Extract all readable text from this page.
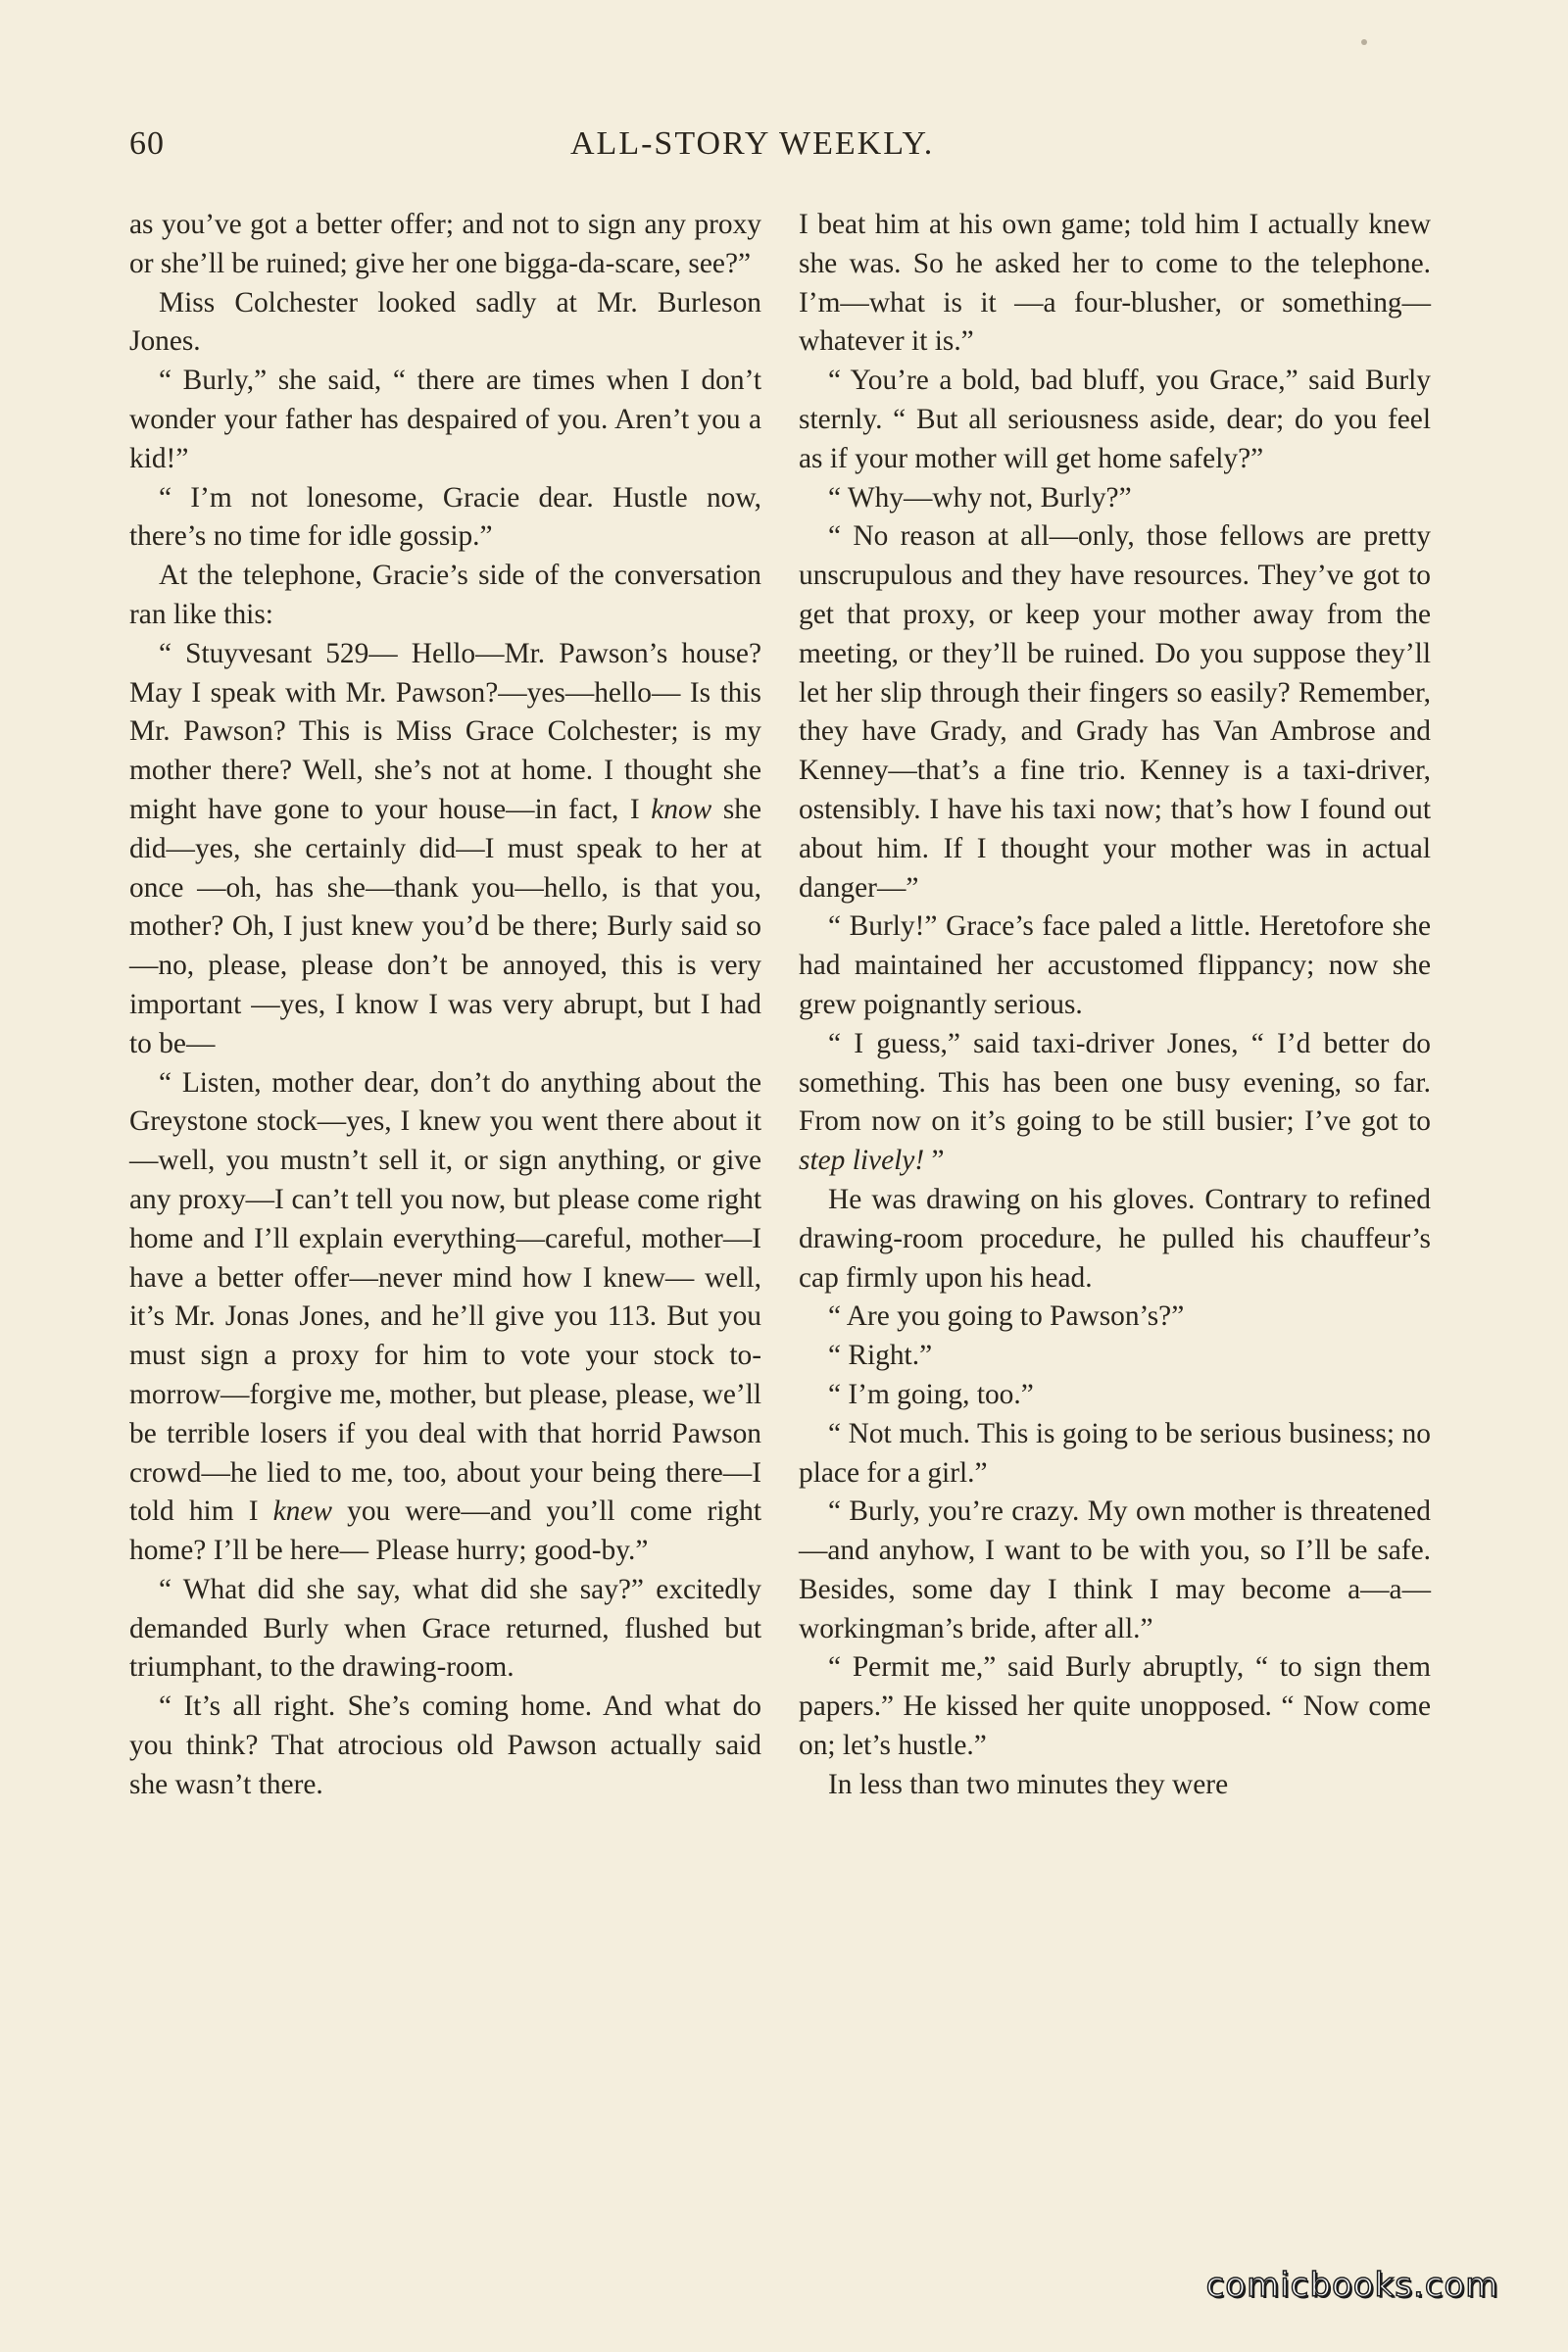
60	ALL-STORY WEEKLY.

as you’ve got a better offer; and not to sign any proxy or she’ll be ruined; give her one bigga-da-scare, see?”

Miss Colchester looked sadly at Mr. Burleson Jones.

“ Burly,” she said, “ there are times when I don’t wonder your father has despaired of you. Aren’t you a kid!”

“ I’m not lonesome, Gracie dear. Hustle now, there’s no time for idle gossip.”

At the telephone, Gracie’s side of the conversation ran like this:

“ Stuyvesant 529— Hello—Mr. Pawson’s house? May I speak with Mr. Pawson?—yes—hello— Is this Mr. Pawson? This is Miss Grace Colchester; is my mother there? Well, she’s not at home. I thought she might have gone to your house—in fact, I know she did—yes, she certainly did—I must speak to her at once —oh, has she—thank you—hello, is that you, mother? Oh, I just knew you’d be there; Burly said so—no, please, please don’t be annoyed, this is very important —yes, I know I was very abrupt, but I had to be—

“ Listen, mother dear, don’t do anything about the Greystone stock—yes, I knew you went there about it—well, you mustn’t sell it, or sign anything, or give any proxy—I can’t tell you now, but please come right home and I’ll explain everything—careful, mother—I have a better offer—never mind how I knew— well, it’s Mr. Jonas Jones, and he’ll give you 113. But you must sign a proxy for him to vote your stock to-morrow—forgive me, mother, but please, please, we’ll be terrible losers if you deal with that horrid Pawson crowd—he lied to me, too, about your being there—I told him I knew you were—and you’ll come right home? I’ll be here— Please hurry; good-by.”

“ What did she say, what did she say?” excitedly demanded Burly when Grace returned, flushed but triumphant, to the drawing-room.

“ It’s all right. She’s coming home. And what do you think? That atrocious old Pawson actually said she wasn’t there.

I beat him at his own game; told him I actually knew she was. So he asked her to come to the telephone. I’m—what is it —a four-blusher, or something—whatever it is.”

“ You’re a bold, bad bluff, you Grace,” said Burly sternly. “ But all seriousness aside, dear; do you feel as if your mother will get home safely?”

“ Why—why not, Burly?”

“ No reason at all—only, those fellows are pretty unscrupulous and they have resources. They’ve got to get that proxy, or keep your mother away from the meeting, or they’ll be ruined. Do you suppose they’ll let her slip through their fingers so easily? Remember, they have Grady, and Grady has Van Ambrose and Kenney—that’s a fine trio. Kenney is a taxi-driver, ostensibly. I have his taxi now; that’s how I found out about him. If I thought your mother was in actual danger—”

“ Burly!” Grace’s face paled a little. Heretofore she had maintained her accustomed flippancy; now she grew poignantly serious.

“ I guess,” said taxi-driver Jones, “ I’d better do something. This has been one busy evening, so far. From now on it’s going to be still busier; I’ve got to step lively! ”

He was drawing on his gloves. Contrary to refined drawing-room procedure, he pulled his chauffeur’s cap firmly upon his head.

“ Are you going to Pawson’s?”

“ Right.”

“ I’m going, too.”

“ Not much. This is going to be serious business; no place for a girl.”

“ Burly, you’re crazy. My own mother is threatened—and anyhow, I want to be with you, so I’ll be safe. Besides, some day I think I may become a—a—workingman’s bride, after all.”

“ Permit me,” said Burly abruptly, “ to sign them papers.” He kissed her quite unopposed. “ Now come on; let’s hustle.”

In less than two minutes they were

comicbooks.com
